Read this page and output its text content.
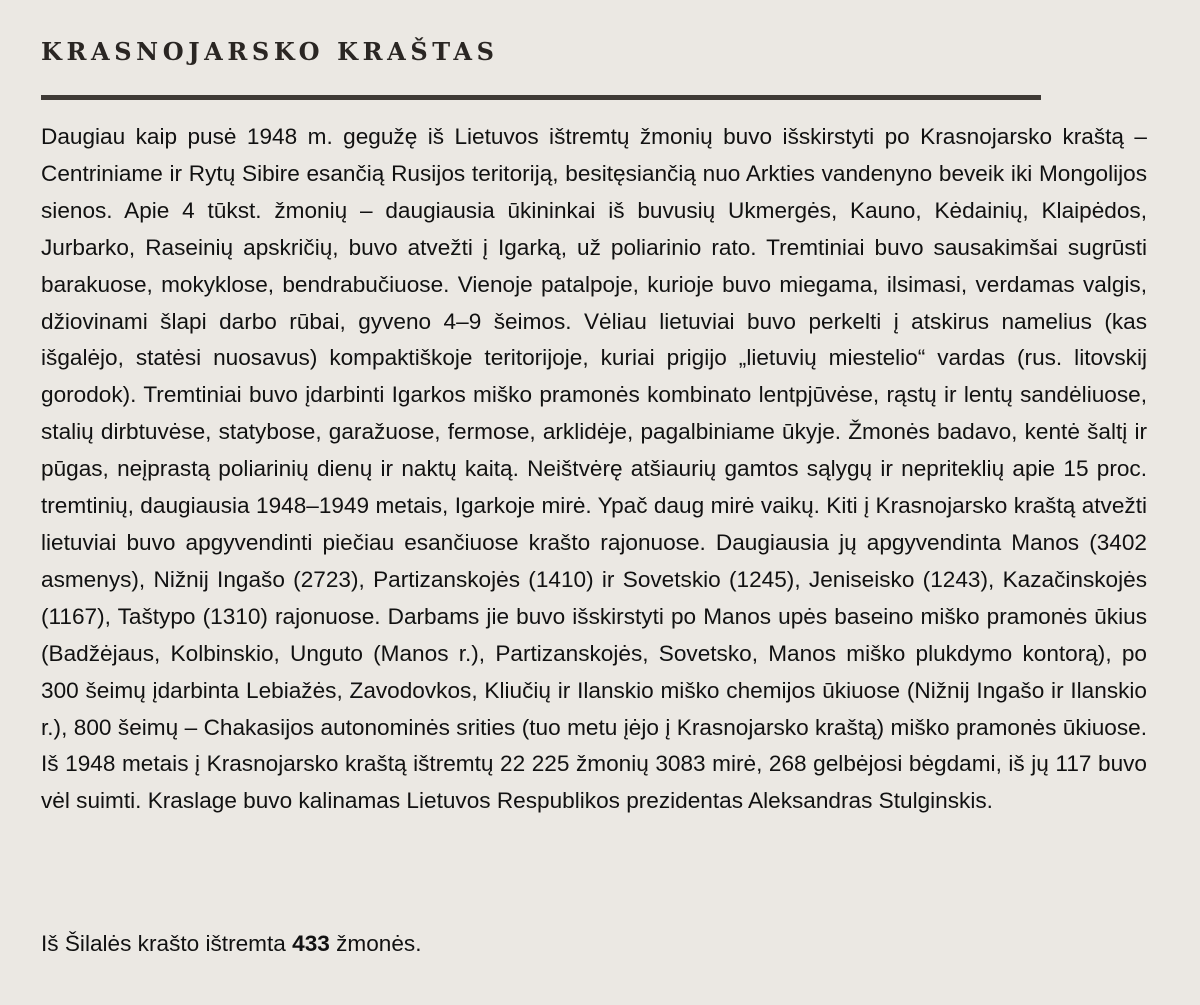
KRASNOJARSKO KRAŠTAS

Daugiau kaip pusė 1948 m. gegužę iš Lietuvos ištremtų žmonių buvo išskirstyti po Krasnojarsko kraštą – Centriniame ir Rytų Sibire esančią Rusijos teritoriją, besitęsiančią nuo Arkties vandenyno beveik iki Mongolijos sienos. Apie 4 tūkst. žmonių – daugiausia ūkininkai iš buvusių Ukmergės, Kauno, Kėdainių, Klaipėdos, Jurbarko, Raseinių apskričių, buvo atvežti į Igarką, už poliarinio rato. Tremtiniai buvo sausakimšai sugrūsti barakuose, mokyklose, bendrabučiuose. Vienoje patalpoje, kurioje buvo miegama, ilsimasi, verdamas valgis, džiovinami šlapi darbo rūbai, gyveno 4–9 šeimos. Vėliau lietuviai buvo perkelti į atskirus namelius (kas išgalėjo, statėsi nuosavus) kompaktiškoje teritorijoje, kuriai prigijo „lietuvių miestelio“ vardas (rus. litovskij gorodok). Tremtiniai buvo įdarbinti Igarkos miško pramonės kombinato lentpjūvėse, rąstų ir lentų sandėliuose, stalių dirbtuvėse, statybose, garažuose, fermose, arklidėje, pagalbiniame ūkyje. Žmonės badavo, kentė šaltį ir pūgas, neįprastą poliarinių dienų ir naktų kaitą. Neištvėrę atšiaurių gamtos sąlygų ir nepriteklių apie 15 proc. tremtinių, daugiausia 1948–1949 metais, Igarkoje mirė. Ypač daug mirė vaikų. Kiti į Krasnojarsko kraštą atvežti lietuviai buvo apgyvendinti piečiau esančiuose krašto rajonuose. Daugiausia jų apgyvendinta Manos (3402 asmenys), Nižnij Ingašo (2723), Partizanskojės (1410) ir Sovetskio (1245), Jeniseisko (1243), Kazačinskojės (1167), Taštypo (1310) rajonuose. Darbams jie buvo išskirstyti po Manos upės baseino miško pramonės ūkius (Badžėjaus, Kolbinskio, Unguto (Manos r.), Partizanskojės, Sovetsko, Manos miško plukdymo kontorą), po 300 šeimų įdarbinta Lebiažės, Zavodovkos, Kliučių ir Ilanskio miško chemijos ūkiuose (Nižnij Ingašo ir Ilanskio r.), 800 šeimų – Chakasijos autonominės srities (tuo metu įėjo į Krasnojarsko kraštą) miško pramonės ūkiuose. Iš 1948 metais į Krasnojarsko kraštą ištremtų 22 225 žmonių 3083 mirė, 268 gelbėjosi bėgdami, iš jų 117 buvo vėl suimti. Kraslage buvo kalinamas Lietuvos Respublikos prezidentas Aleksandras Stulginskis.

Iš Šilalės krašto ištremta 433 žmonės.
